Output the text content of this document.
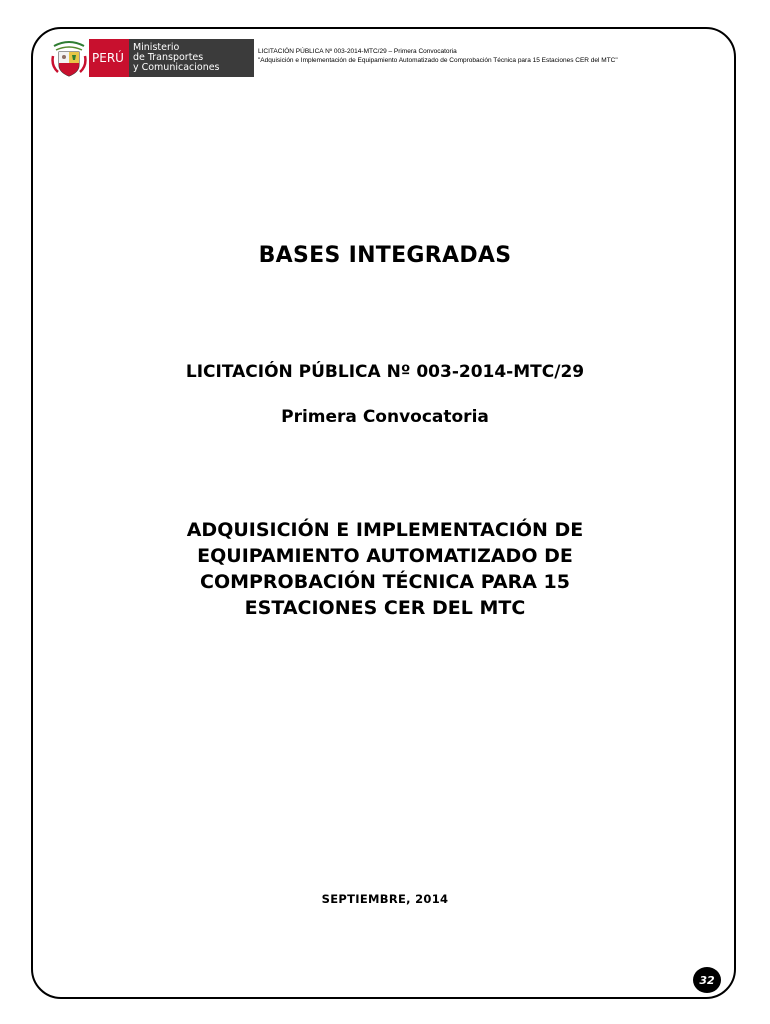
PERÚ
Ministerio
de Transportes
y Comunicaciones
LICITACIÓN PÚBLICA Nº 003-2014-MTC/29 – Primera Convocatoria
"Adquisición e Implementación de Equipamiento Automatizado de Comprobación Técnica para 15 Estaciones CER del MTC"
BASES INTEGRADAS
LICITACIÓN PÚBLICA Nº 003-2014-MTC/29
Primera Convocatoria
ADQUISICIÓN E IMPLEMENTACIÓN DE
EQUIPAMIENTO AUTOMATIZADO DE
COMPROBACIÓN TÉCNICA PARA 15
ESTACIONES CER DEL MTC
SEPTIEMBRE, 2014
32
